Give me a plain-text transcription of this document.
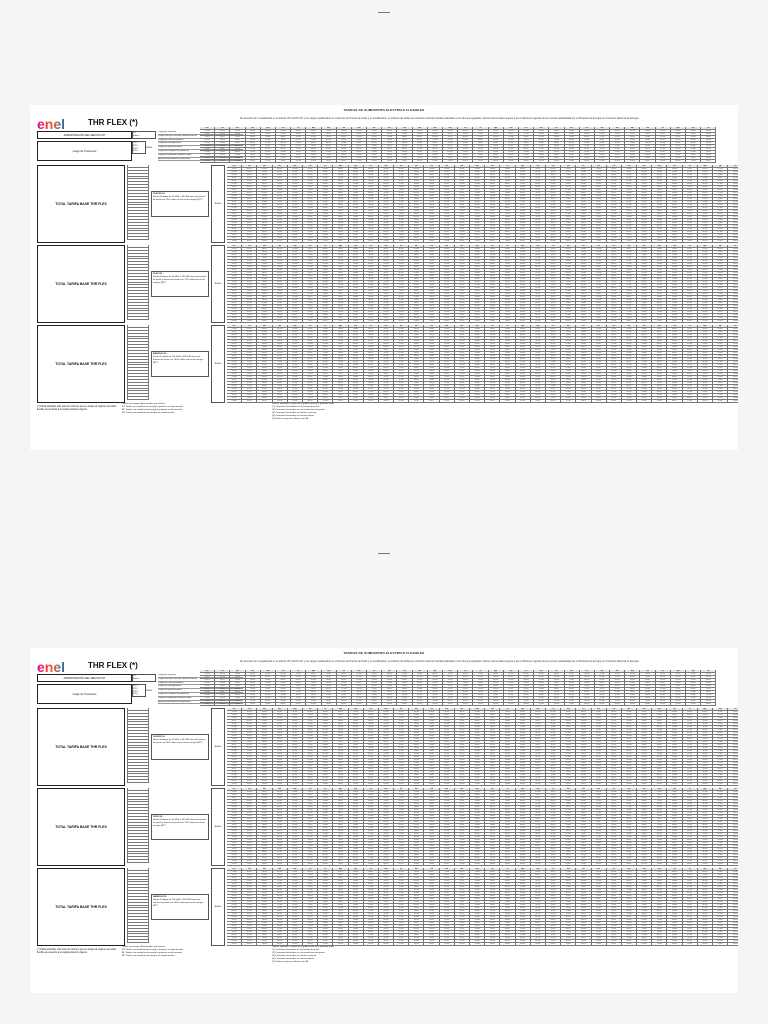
TARIFAS DE SUMINISTRO ELECTRICO FLEXIBLES
De acuerdo con lo establecido en el artículo 35° del DS 327 y los cargos establecidos en el Decreto de Precios de Nudo y su modificación, se publican las tarifas de suministro eléctrico flexibles aplicables a los clientes regulados. Valores referenciales sujetos a las condiciones vigentes de las normas establecidas por el Ministerio de Energía y la Comisión Nacional de Energía.
enel	THR FLEX (*)
ADMINISTRACIÓN DEL SERVICIO BT
BT
$/mes
Cargo de Transporte
BT-1
BT-2
BT-3
BT-4
$/kWh
Cargo fijo mensual
Cargo único por uso del sistema troncal
Cargo por servicio público
Cargo por energía base
Cargo por potencia base
Cargo por compras de potencia
Cargo por demanda máxima leída
Ajuste por periodo de facturación
Ene	Feb	Mar	Abr	May	Jun	Jul	Ago	Sep	Oct	Nov	Dic	Ene	Feb	Mar	Abr	May	Jun	Jul	Ago	Sep	Oct	Nov	Dic	Ene	Feb	Mar	Abr	May	Jun	Jul	Ago	Sep	Oct
12,345	45,678	23,456	34,567	56,789	67,890	78,901	89,012	12,345	45,678	23,456	34,567	56,789	67,890	78,901	89,012	12,345	45,678	23,456	34,567	56,789	67,890	78,901	89,012	12,345	45,678	23,456	34,567	56,789	67,890	78,901	89,012	12,345	45,678
34,567	56,789	67,890	78,901	89,012	12,345	45,678	23,456	34,567	56,789	67,890	78,901	89,012	12,345	45,678	23,456	34,567	56,789	67,890	78,901	89,012	12,345	45,678	23,456	34,567	56,789	67,890	78,901	89,012	12,345	45,678	23,456	34,567	56,789
78,901	89,012	12,345	45,678	23,456	34,567	56,789	67,890	78,901	89,012	12,345	45,678	23,456	34,567	56,789	67,890	78,901	89,012	12,345	45,678	23,456	34,567	56,789	67,890	78,901	89,012	12,345	45,678	23,456	34,567	56,789	67,890	78,901	89,012
45,678	23,456	34,567	56,789	67,890	78,901	89,012	12,345	45,678	23,456	34,567	56,789	67,890	78,901	89,012	12,345	45,678	23,456	34,567	56,789	67,890	78,901	89,012	12,345	45,678	23,456	34,567	56,789	67,890	78,901	89,012	12,345	45,678	23,456
56,789	67,890	78,901	89,012	12,345	45,678	23,456	34,567	56,789	67,890	78,901	89,012	12,345	45,678	23,456	34,567	56,789	67,890	78,901	89,012	12,345	45,678	23,456	34,567	56,789	67,890	78,901	89,012	12,345	45,678	23,456	34,567	56,789	67,890
89,012	12,345	45,678	23,456	34,567	56,789	67,890	78,901	89,012	12,345	45,678	23,456	34,567	56,789	67,890	78,901	89,012	12,345	45,678	23,456	34,567	56,789	67,890	78,901	89,012	12,345	45,678	23,456	34,567	56,789	67,890	78,901	89,012	12,345
23,456	34,567	56,789	67,890	78,901	89,012	12,345	45,678	23,456	34,567	56,789	67,890	78,901	89,012	12,345	45,678	23,456	34,567	56,789	67,890	78,901	89,012	12,345	45,678	23,456	34,567	56,789	67,890	78,901	89,012	12,345	45,678	23,456	34,567
67,890	78,901	89,012	12,345	45,678	23,456	34,567	56,789	67,890	78,901	89,012	12,345	45,678	23,456	34,567	56,789	67,890	78,901	89,012	12,345	45,678	23,456	34,567	56,789	67,890	78,901	89,012	12,345	45,678	23,456	34,567	56,789	67,890	78,901
12,345	45,678	23,456	34,567	56,789	67,890	78,901	89,012	12,345	45,678	23,456	34,567	56,789	67,890	78,901	89,012	12,345	45,678	23,456	34,567	56,789	67,890	78,901	89,012	12,345	45,678	23,456	34,567	56,789	67,890	78,901	89,012	12,345	45,678
34,567	56,789	67,890	78,901	89,012	12,345	45,678	23,456	34,567	56,789	67,890	78,901	89,012	12,345	45,678	23,456	34,567	56,789	67,890	78,901	89,012	12,345	45,678	23,456	34,567	56,789	67,890	78,901	89,012	12,345	45,678	23,456	34,567	56,789
78,901	89,012	12,345	45,678	23,456	34,567	56,789	67,890	78,901	89,012	12,345	45,678	23,456	34,567	56,789	67,890	78,901	89,012	12,345	45,678	23,456	34,567	56,789	67,890	78,901	89,012	12,345	45,678	23,456	34,567	56,789	67,890	78,901	89,012
TOTAL TARIFA BASE THR FLEX
HP-01
HP-02
HP-03
HP-04
HP-05
HP-06
HP-07
HP-08
HP-09
HP-10
HP-11
HP-12
HP-13
HP-14
HP-15
HP-16
HP-17
HP-18
HP-19
HP-20
HP-21
HP-22
HP-23
HP-24
HP-25
HP-26
FLEX30 0%
Hasta el bloque de 30 kWh o 50 kWh fuera de horario de punta con 30% sobre el precio de energía (BT*)
$/kWh
Ene	Feb	Mar	Abr	May	Jun	Jul	Ago	Sep	Oct	Nov	Dic	Ene	Feb	Mar	Abr	May	Jun	Jul	Ago	Sep	Oct	Nov	Dic	Ene	Feb	Mar	Abr	May	Jun	Jul	Ago	Sep	Oct
12,345	45,678	23,456	34,567	56,789	67,890	78,901	89,012	12,345	45,678	23,456	34,567	56,789	67,890	78,901	89,012	12,345	45,678	23,456	34,567	56,789	67,890	78,901	89,012	12,345	45,678	23,456	34,567	56,789	67,890	78,901	89,012	12,345	45,678
45,678	23,456	34,567	56,789	67,890	78,901	89,012	12,345	45,678	23,456	34,567	56,789	67,890	78,901	89,012	12,345	45,678	23,456	34,567	56,789	67,890	78,901	89,012	12,345	45,678	23,456	34,567	56,789	67,890	78,901	89,012	12,345	45,678	23,456
23,456	34,567	56,789	67,890	78,901	89,012	12,345	45,678	23,456	34,567	56,789	67,890	78,901	89,012	12,345	45,678	23,456	34,567	56,789	67,890	78,901	89,012	12,345	45,678	23,456	34,567	56,789	67,890	78,901	89,012	12,345	45,678	23,456	34,567
34,567	56,789	67,890	78,901	89,012	12,345	45,678	23,456	34,567	56,789	67,890	78,901	89,012	12,345	45,678	23,456	34,567	56,789	67,890	78,901	89,012	12,345	45,678	23,456	34,567	56,789	67,890	78,901	89,012	12,345	45,678	23,456	34,567	56,789
56,789	67,890	78,901	89,012	12,345	45,678	23,456	34,567	56,789	67,890	78,901	89,012	12,345	45,678	23,456	34,567	56,789	67,890	78,901	89,012	12,345	45,678	23,456	34,567	56,789	67,890	78,901	89,012	12,345	45,678	23,456	34,567	56,789	67,890
67,890	78,901	89,012	12,345	45,678	23,456	34,567	56,789	67,890	78,901	89,012	12,345	45,678	23,456	34,567	56,789	67,890	78,901	89,012	12,345	45,678	23,456	34,567	56,789	67,890	78,901	89,012	12,345	45,678	23,456	34,567	56,789	67,890	78,901
78,901	89,012	12,345	45,678	23,456	34,567	56,789	67,890	78,901	89,012	12,345	45,678	23,456	34,567	56,789	67,890	78,901	89,012	12,345	45,678	23,456	34,567	56,789	67,890	78,901	89,012	12,345	45,678	23,456	34,567	56,789	67,890	78,901	89,012
89,012	12,345	45,678	23,456	34,567	56,789	67,890	78,901	89,012	12,345	45,678	23,456	34,567	56,789	67,890	78,901	89,012	12,345	45,678	23,456	34,567	56,789	67,890	78,901	89,012	12,345	45,678	23,456	34,567	56,789	67,890	78,901	89,012	12,345
12,345	45,678	23,456	34,567	56,789	67,890	78,901	89,012	12,345	45,678	23,456	34,567	56,789	67,890	78,901	89,012	12,345	45,678	23,456	34,567	56,789	67,890	78,901	89,012	12,345	45,678	23,456	34,567	56,789	67,890	78,901	89,012	12,345	45,678
45,678	23,456	34,567	56,789	67,890	78,901	89,012	12,345	45,678	23,456	34,567	56,789	67,890	78,901	89,012	12,345	45,678	23,456	34,567	56,789	67,890	78,901	89,012	12,345	45,678	23,456	34,567	56,789	67,890	78,901	89,012	12,345	45,678	23,456
23,456	34,567	56,789	67,890	78,901	89,012	12,345	45,678	23,456	34,567	56,789	67,890	78,901	89,012	12,345	45,678	23,456	34,567	56,789	67,890	78,901	89,012	12,345	45,678	23,456	34,567	56,789	67,890	78,901	89,012	12,345	45,678	23,456	34,567
34,567	56,789	67,890	78,901	89,012	12,345	45,678	23,456	34,567	56,789	67,890	78,901	89,012	12,345	45,678	23,456	34,567	56,789	67,890	78,901	89,012	12,345	45,678	23,456	34,567	56,789	67,890	78,901	89,012	12,345	45,678	23,456	34,567	56,789
56,789	67,890	78,901	89,012	12,345	45,678	23,456	34,567	56,789	67,890	78,901	89,012	12,345	45,678	23,456	34,567	56,789	67,890	78,901	89,012	12,345	45,678	23,456	34,567	56,789	67,890	78,901	89,012	12,345	45,678	23,456	34,567	56,789	67,890
67,890	78,901	89,012	12,345	45,678	23,456	34,567	56,789	67,890	78,901	89,012	12,345	45,678	23,456	34,567	56,789	67,890	78,901	89,012	12,345	45,678	23,456	34,567	56,789	67,890	78,901	89,012	12,345	45,678	23,456	34,567	56,789	67,890	78,901
78,901	89,012	12,345	45,678	23,456	34,567	56,789	67,890	78,901	89,012	12,345	45,678	23,456	34,567	56,789	67,890	78,901	89,012	12,345	45,678	23,456	34,567	56,789	67,890	78,901	89,012	12,345	45,678	23,456	34,567	56,789	67,890	78,901	89,012
89,012	12,345	45,678	23,456	34,567	56,789	67,890	78,901	89,012	12,345	45,678	23,456	34,567	56,789	67,890	78,901	89,012	12,345	45,678	23,456	34,567	56,789	67,890	78,901	89,012	12,345	45,678	23,456	34,567	56,789	67,890	78,901	89,012	12,345
12,345	45,678	23,456	34,567	56,789	67,890	78,901	89,012	12,345	45,678	23,456	34,567	56,789	67,890	78,901	89,012	12,345	45,678	23,456	34,567	56,789	67,890	78,901	89,012	12,345	45,678	23,456	34,567	56,789	67,890	78,901	89,012	12,345	45,678
45,678	23,456	34,567	56,789	67,890	78,901	89,012	12,345	45,678	23,456	34,567	56,789	67,890	78,901	89,012	12,345	45,678	23,456	34,567	56,789	67,890	78,901	89,012	12,345	45,678	23,456	34,567	56,789	67,890	78,901	89,012	12,345	45,678	23,456
23,456	34,567	56,789	67,890	78,901	89,012	12,345	45,678	23,456	34,567	56,789	67,890	78,901	89,012	12,345	45,678	23,456	34,567	56,789	67,890	78,901	89,012	12,345	45,678	23,456	34,567	56,789	67,890	78,901	89,012	12,345	45,678	23,456	34,567
34,567	56,789	67,890	78,901	89,012	12,345	45,678	23,456	34,567	56,789	67,890	78,901	89,012	12,345	45,678	23,456	34,567	56,789	67,890	78,901	89,012	12,345	45,678	23,456	34,567	56,789	67,890	78,901	89,012	12,345	45,678	23,456	34,567	56,789
56,789	67,890	78,901	89,012	12,345	45,678	23,456	34,567	56,789	67,890	78,901	89,012	12,345	45,678	23,456	34,567	56,789	67,890	78,901	89,012	12,345	45,678	23,456	34,567	56,789	67,890	78,901	89,012	12,345	45,678	23,456	34,567	56,789	67,890
67,890	78,901	89,012	12,345	45,678	23,456	34,567	56,789	67,890	78,901	89,012	12,345	45,678	23,456	34,567	56,789	67,890	78,901	89,012	12,345	45,678	23,456	34,567	56,789	67,890	78,901	89,012	12,345	45,678	23,456	34,567	56,789	67,890	78,901
78,901	89,012	12,345	45,678	23,456	34,567	56,789	67,890	78,901	89,012	12,345	45,678	23,456	34,567	56,789	67,890	78,901	89,012	12,345	45,678	23,456	34,567	56,789	67,890	78,901	89,012	12,345	45,678	23,456	34,567	56,789	67,890	78,901	89,012
89,012	12,345	45,678	23,456	34,567	56,789	67,890	78,901	89,012	12,345	45,678	23,456	34,567	56,789	67,890	78,901	89,012	12,345	45,678	23,456	34,567	56,789	67,890	78,901	89,012	12,345	45,678	23,456	34,567	56,789	67,890	78,901	89,012	12,345
12,345	45,678	23,456	34,567	56,789	67,890	78,901	89,012	12,345	45,678	23,456	34,567	56,789	67,890	78,901	89,012	12,345	45,678	23,456	34,567	56,789	67,890	78,901	89,012	12,345	45,678	23,456	34,567	56,789	67,890	78,901	89,012	12,345	45,678
TOTAL TARIFA BASE THR FLEX
HP-01
HP-02
HP-03
HP-04
HP-05
HP-06
HP-07
HP-08
HP-09
HP-10
HP-11
HP-12
HP-13
HP-14
HP-15
HP-16
HP-17
HP-18
HP-19
HP-20
HP-21
HP-22
HP-23
HP-24
HP-25
HP-26
FLEX 0%
Hasta el bloque de 50 kWh o 100 kWh fuera de horario de punta y horario de punta con 70% sobre precio de energía (BT*)	$/kWh
Ene	Feb	Mar	Abr	May	Jun	Jul	Ago	Sep	Oct	Nov	Dic	Ene	Feb	Mar	Abr	May	Jun	Jul	Ago	Sep	Oct	Nov	Dic	Ene	Feb	Mar	Abr	May	Jun	Jul	Ago	Sep	Oct
45,678	23,456	34,567	56,789	67,890	78,901	89,012	12,345	45,678	23,456	34,567	56,789	67,890	78,901	89,012	12,345	45,678	23,456	34,567	56,789	67,890	78,901	89,012	12,345	45,678	23,456	34,567	56,789	67,890	78,901	89,012	12,345	45,678	23,456
23,456	34,567	56,789	67,890	78,901	89,012	12,345	45,678	23,456	34,567	56,789	67,890	78,901	89,012	12,345	45,678	23,456	34,567	56,789	67,890	78,901	89,012	12,345	45,678	23,456	34,567	56,789	67,890	78,901	89,012	12,345	45,678	23,456	34,567
34,567	56,789	67,890	78,901	89,012	12,345	45,678	23,456	34,567	56,789	67,890	78,901	89,012	12,345	45,678	23,456	34,567	56,789	67,890	78,901	89,012	12,345	45,678	23,456	34,567	56,789	67,890	78,901	89,012	12,345	45,678	23,456	34,567	56,789
56,789	67,890	78,901	89,012	12,345	45,678	23,456	34,567	56,789	67,890	78,901	89,012	12,345	45,678	23,456	34,567	56,789	67,890	78,901	89,012	12,345	45,678	23,456	34,567	56,789	67,890	78,901	89,012	12,345	45,678	23,456	34,567	56,789	67,890
67,890	78,901	89,012	12,345	45,678	23,456	34,567	56,789	67,890	78,901	89,012	12,345	45,678	23,456	34,567	56,789	67,890	78,901	89,012	12,345	45,678	23,456	34,567	56,789	67,890	78,901	89,012	12,345	45,678	23,456	34,567	56,789	67,890	78,901
78,901	89,012	12,345	45,678	23,456	34,567	56,789	67,890	78,901	89,012	12,345	45,678	23,456	34,567	56,789	67,890	78,901	89,012	12,345	45,678	23,456	34,567	56,789	67,890	78,901	89,012	12,345	45,678	23,456	34,567	56,789	67,890	78,901	89,012
89,012	12,345	45,678	23,456	34,567	56,789	67,890	78,901	89,012	12,345	45,678	23,456	34,567	56,789	67,890	78,901	89,012	12,345	45,678	23,456	34,567	56,789	67,890	78,901	89,012	12,345	45,678	23,456	34,567	56,789	67,890	78,901	89,012	12,345
12,345	45,678	23,456	34,567	56,789	67,890	78,901	89,012	12,345	45,678	23,456	34,567	56,789	67,890	78,901	89,012	12,345	45,678	23,456	34,567	56,789	67,890	78,901	89,012	12,345	45,678	23,456	34,567	56,789	67,890	78,901	89,012	12,345	45,678
45,678	23,456	34,567	56,789	67,890	78,901	89,012	12,345	45,678	23,456	34,567	56,789	67,890	78,901	89,012	12,345	45,678	23,456	34,567	56,789	67,890	78,901	89,012	12,345	45,678	23,456	34,567	56,789	67,890	78,901	89,012	12,345	45,678	23,456
23,456	34,567	56,789	67,890	78,901	89,012	12,345	45,678	23,456	34,567	56,789	67,890	78,901	89,012	12,345	45,678	23,456	34,567	56,789	67,890	78,901	89,012	12,345	45,678	23,456	34,567	56,789	67,890	78,901	89,012	12,345	45,678	23,456	34,567
34,567	56,789	67,890	78,901	89,012	12,345	45,678	23,456	34,567	56,789	67,890	78,901	89,012	12,345	45,678	23,456	34,567	56,789	67,890	78,901	89,012	12,345	45,678	23,456	34,567	56,789	67,890	78,901	89,012	12,345	45,678	23,456	34,567	56,789
56,789	67,890	78,901	89,012	12,345	45,678	23,456	34,567	56,789	67,890	78,901	89,012	12,345	45,678	23,456	34,567	56,789	67,890	78,901	89,012	12,345	45,678	23,456	34,567	56,789	67,890	78,901	89,012	12,345	45,678	23,456	34,567	56,789	67,890
67,890	78,901	89,012	12,345	45,678	23,456	34,567	56,789	67,890	78,901	89,012	12,345	45,678	23,456	34,567	56,789	67,890	78,901	89,012	12,345	45,678	23,456	34,567	56,789	67,890	78,901	89,012	12,345	45,678	23,456	34,567	56,789	67,890	78,901
78,901	89,012	12,345	45,678	23,456	34,567	56,789	67,890	78,901	89,012	12,345	45,678	23,456	34,567	56,789	67,890	78,901	89,012	12,345	45,678	23,456	34,567	56,789	67,890	78,901	89,012	12,345	45,678	23,456	34,567	56,789	67,890	78,901	89,012
89,012	12,345	45,678	23,456	34,567	56,789	67,890	78,901	89,012	12,345	45,678	23,456	34,567	56,789	67,890	78,901	89,012	12,345	45,678	23,456	34,567	56,789	67,890	78,901	89,012	12,345	45,678	23,456	34,567	56,789	67,890	78,901	89,012	12,345
12,345	45,678	23,456	34,567	56,789	67,890	78,901	89,012	12,345	45,678	23,456	34,567	56,789	67,890	78,901	89,012	12,345	45,678	23,456	34,567	56,789	67,890	78,901	89,012	12,345	45,678	23,456	34,567	56,789	67,890	78,901	89,012	12,345	45,678
45,678	23,456	34,567	56,789	67,890	78,901	89,012	12,345	45,678	23,456	34,567	56,789	67,890	78,901	89,012	12,345	45,678	23,456	34,567	56,789	67,890	78,901	89,012	12,345	45,678	23,456	34,567	56,789	67,890	78,901	89,012	12,345	45,678	23,456
23,456	34,567	56,789	67,890	78,901	89,012	12,345	45,678	23,456	34,567	56,789	67,890	78,901	89,012	12,345	45,678	23,456	34,567	56,789	67,890	78,901	89,012	12,345	45,678	23,456	34,567	56,789	67,890	78,901	89,012	12,345	45,678	23,456	34,567
34,567	56,789	67,890	78,901	89,012	12,345	45,678	23,456	34,567	56,789	67,890	78,901	89,012	12,345	45,678	23,456	34,567	56,789	67,890	78,901	89,012	12,345	45,678	23,456	34,567	56,789	67,890	78,901	89,012	12,345	45,678	23,456	34,567	56,789
56,789	67,890	78,901	89,012	12,345	45,678	23,456	34,567	56,789	67,890	78,901	89,012	12,345	45,678	23,456	34,567	56,789	67,890	78,901	89,012	12,345	45,678	23,456	34,567	56,789	67,890	78,901	89,012	12,345	45,678	23,456	34,567	56,789	67,890
67,890	78,901	89,012	12,345	45,678	23,456	34,567	56,789	67,890	78,901	89,012	12,345	45,678	23,456	34,567	56,789	67,890	78,901	89,012	12,345	45,678	23,456	34,567	56,789	67,890	78,901	89,012	12,345	45,678	23,456	34,567	56,789	67,890	78,901
78,901	89,012	12,345	45,678	23,456	34,567	56,789	67,890	78,901	89,012	12,345	45,678	23,456	34,567	56,789	67,890	78,901	89,012	12,345	45,678	23,456	34,567	56,789	67,890	78,901	89,012	12,345	45,678	23,456	34,567	56,789	67,890	78,901	89,012
89,012	12,345	45,678	23,456	34,567	56,789	67,890	78,901	89,012	12,345	45,678	23,456	34,567	56,789	67,890	78,901	89,012	12,345	45,678	23,456	34,567	56,789	67,890	78,901	89,012	12,345	45,678	23,456	34,567	56,789	67,890	78,901	89,012	12,345
12,345	45,678	23,456	34,567	56,789	67,890	78,901	89,012	12,345	45,678	23,456	34,567	56,789	67,890	78,901	89,012	12,345	45,678	23,456	34,567	56,789	67,890	78,901	89,012	12,345	45,678	23,456	34,567	56,789	67,890	78,901	89,012	12,345	45,678
45,678	23,456	34,567	56,789	67,890	78,901	89,012	12,345	45,678	23,456	34,567	56,789	67,890	78,901	89,012	12,345	45,678	23,456	34,567	56,789	67,890	78,901	89,012	12,345	45,678	23,456	34,567	56,789	67,890	78,901	89,012	12,345	45,678	23,456
TOTAL TARIFA BASE THR FLEX
HP-01
HP-02
HP-03
HP-04
HP-05
HP-06
HP-07
HP-08
HP-09
HP-10
HP-11
HP-12
HP-13
HP-14
HP-15
HP-16
HP-17
HP-18
HP-19
HP-20
HP-21
HP-22
HP-23
HP-24
HP-25
HP-26
BASE100 0%
Hasta el bloque de 100 kWh o 200 kWh fuera de horario de punta con 100% sobre precio de energía (BT*)	$/kWh
Ene	Feb	Mar	Abr	May	Jun	Jul	Ago	Sep	Oct	Nov	Dic	Ene	Feb	Mar	Abr	May	Jun	Jul	Ago	Sep	Oct	Nov	Dic	Ene	Feb	Mar	Abr	May	Jun	Jul	Ago	Sep	Oct
23,456	34,567	56,789	67,890	78,901	89,012	12,345	45,678	23,456	34,567	56,789	67,890	78,901	89,012	12,345	45,678	23,456	34,567	56,789	67,890	78,901	89,012	12,345	45,678	23,456	34,567	56,789	67,890	78,901	89,012	12,345	45,678	23,456	34,567
34,567	56,789	67,890	78,901	89,012	12,345	45,678	23,456	34,567	56,789	67,890	78,901	89,012	12,345	45,678	23,456	34,567	56,789	67,890	78,901	89,012	12,345	45,678	23,456	34,567	56,789	67,890	78,901	89,012	12,345	45,678	23,456	34,567	56,789
56,789	67,890	78,901	89,012	12,345	45,678	23,456	34,567	56,789	67,890	78,901	89,012	12,345	45,678	23,456	34,567	56,789	67,890	78,901	89,012	12,345	45,678	23,456	34,567	56,789	67,890	78,901	89,012	12,345	45,678	23,456	34,567	56,789	67,890
67,890	78,901	89,012	12,345	45,678	23,456	34,567	56,789	67,890	78,901	89,012	12,345	45,678	23,456	34,567	56,789	67,890	78,901	89,012	12,345	45,678	23,456	34,567	56,789	67,890	78,901	89,012	12,345	45,678	23,456	34,567	56,789	67,890	78,901
78,901	89,012	12,345	45,678	23,456	34,567	56,789	67,890	78,901	89,012	12,345	45,678	23,456	34,567	56,789	67,890	78,901	89,012	12,345	45,678	23,456	34,567	56,789	67,890	78,901	89,012	12,345	45,678	23,456	34,567	56,789	67,890	78,901	89,012
89,012	12,345	45,678	23,456	34,567	56,789	67,890	78,901	89,012	12,345	45,678	23,456	34,567	56,789	67,890	78,901	89,012	12,345	45,678	23,456	34,567	56,789	67,890	78,901	89,012	12,345	45,678	23,456	34,567	56,789	67,890	78,901	89,012	12,345
12,345	45,678	23,456	34,567	56,789	67,890	78,901	89,012	12,345	45,678	23,456	34,567	56,789	67,890	78,901	89,012	12,345	45,678	23,456	34,567	56,789	67,890	78,901	89,012	12,345	45,678	23,456	34,567	56,789	67,890	78,901	89,012	12,345	45,678
45,678	23,456	34,567	56,789	67,890	78,901	89,012	12,345	45,678	23,456	34,567	56,789	67,890	78,901	89,012	12,345	45,678	23,456	34,567	56,789	67,890	78,901	89,012	12,345	45,678	23,456	34,567	56,789	67,890	78,901	89,012	12,345	45,678	23,456
23,456	34,567	56,789	67,890	78,901	89,012	12,345	45,678	23,456	34,567	56,789	67,890	78,901	89,012	12,345	45,678	23,456	34,567	56,789	67,890	78,901	89,012	12,345	45,678	23,456	34,567	56,789	67,890	78,901	89,012	12,345	45,678	23,456	34,567
34,567	56,789	67,890	78,901	89,012	12,345	45,678	23,456	34,567	56,789	67,890	78,901	89,012	12,345	45,678	23,456	34,567	56,789	67,890	78,901	89,012	12,345	45,678	23,456	34,567	56,789	67,890	78,901	89,012	12,345	45,678	23,456	34,567	56,789
56,789	67,890	78,901	89,012	12,345	45,678	23,456	34,567	56,789	67,890	78,901	89,012	12,345	45,678	23,456	34,567	56,789	67,890	78,901	89,012	12,345	45,678	23,456	34,567	56,789	67,890	78,901	89,012	12,345	45,678	23,456	34,567	56,789	67,890
67,890	78,901	89,012	12,345	45,678	23,456	34,567	56,789	67,890	78,901	89,012	12,345	45,678	23,456	34,567	56,789	67,890	78,901	89,012	12,345	45,678	23,456	34,567	56,789	67,890	78,901	89,012	12,345	45,678	23,456	34,567	56,789	67,890	78,901
78,901	89,012	12,345	45,678	23,456	34,567	56,789	67,890	78,901	89,012	12,345	45,678	23,456	34,567	56,789	67,890	78,901	89,012	12,345	45,678	23,456	34,567	56,789	67,890	78,901	89,012	12,345	45,678	23,456	34,567	56,789	67,890	78,901	89,012
89,012	12,345	45,678	23,456	34,567	56,789	67,890	78,901	89,012	12,345	45,678	23,456	34,567	56,789	67,890	78,901	89,012	12,345	45,678	23,456	34,567	56,789	67,890	78,901	89,012	12,345	45,678	23,456	34,567	56,789	67,890	78,901	89,012	12,345
12,345	45,678	23,456	34,567	56,789	67,890	78,901	89,012	12,345	45,678	23,456	34,567	56,789	67,890	78,901	89,012	12,345	45,678	23,456	34,567	56,789	67,890	78,901	89,012	12,345	45,678	23,456	34,567	56,789	67,890	78,901	89,012	12,345	45,678
45,678	23,456	34,567	56,789	67,890	78,901	89,012	12,345	45,678	23,456	34,567	56,789	67,890	78,901	89,012	12,345	45,678	23,456	34,567	56,789	67,890	78,901	89,012	12,345	45,678	23,456	34,567	56,789	67,890	78,901	89,012	12,345	45,678	23,456
23,456	34,567	56,789	67,890	78,901	89,012	12,345	45,678	23,456	34,567	56,789	67,890	78,901	89,012	12,345	45,678	23,456	34,567	56,789	67,890	78,901	89,012	12,345	45,678	23,456	34,567	56,789	67,890	78,901	89,012	12,345	45,678	23,456	34,567
34,567	56,789	67,890	78,901	89,012	12,345	45,678	23,456	34,567	56,789	67,890	78,901	89,012	12,345	45,678	23,456	34,567	56,789	67,890	78,901	89,012	12,345	45,678	23,456	34,567	56,789	67,890	78,901	89,012	12,345	45,678	23,456	34,567	56,789
56,789	67,890	78,901	89,012	12,345	45,678	23,456	34,567	56,789	67,890	78,901	89,012	12,345	45,678	23,456	34,567	56,789	67,890	78,901	89,012	12,345	45,678	23,456	34,567	56,789	67,890	78,901	89,012	12,345	45,678	23,456	34,567	56,789	67,890
67,890	78,901	89,012	12,345	45,678	23,456	34,567	56,789	67,890	78,901	89,012	12,345	45,678	23,456	34,567	56,789	67,890	78,901	89,012	12,345	45,678	23,456	34,567	56,789	67,890	78,901	89,012	12,345	45,678	23,456	34,567	56,789	67,890	78,901
78,901	89,012	12,345	45,678	23,456	34,567	56,789	67,890	78,901	89,012	12,345	45,678	23,456	34,567	56,789	67,890	78,901	89,012	12,345	45,678	23,456	34,567	56,789	67,890	78,901	89,012	12,345	45,678	23,456	34,567	56,789	67,890	78,901	89,012
89,012	12,345	45,678	23,456	34,567	56,789	67,890	78,901	89,012	12,345	45,678	23,456	34,567	56,789	67,890	78,901	89,012	12,345	45,678	23,456	34,567	56,789	67,890	78,901	89,012	12,345	45,678	23,456	34,567	56,789	67,890	78,901	89,012	12,345
12,345	45,678	23,456	34,567	56,789	67,890	78,901	89,012	12,345	45,678	23,456	34,567	56,789	67,890	78,901	89,012	12,345	45,678	23,456	34,567	56,789	67,890	78,901	89,012	12,345	45,678	23,456	34,567	56,789	67,890	78,901	89,012	12,345	45,678
45,678	23,456	34,567	56,789	67,890	78,901	89,012	12,345	45,678	23,456	34,567	56,789	67,890	78,901	89,012	12,345	45,678	23,456	34,567	56,789	67,890	78,901	89,012	12,345	45,678	23,456	34,567	56,789	67,890	78,901	89,012	12,345	45,678	23,456
23,456	34,567	56,789	67,890	78,901	89,012	12,345	45,678	23,456	34,567	56,789	67,890	78,901	89,012	12,345	45,678	23,456	34,567	56,789	67,890	78,901	89,012	12,345	45,678	23,456	34,567	56,789	67,890	78,901	89,012	12,345	45,678	23,456	34,567
(*) Tarifa aplicable sólo para los clientes que se acojan al régimen de tarifa flexible de acuerdo a la reglamentación vigente.
Tarifas con cargos diferenciados por horario.
BT: Tarifas con medición de energía y potencia en baja tensión.
AT: Tarifas con medición de energía y potencia en alta tensión.
MT: Tarifas con medición de energía en media tensión.
Valores aplicables a partir de la publicación de la presente tarifa.
(1) Consumos facturados en el periodo de punta.
(2) Consumos facturados en el periodo fuera de punta.
(3) Consumos facturados en horario nocturno.
(4) Consumos facturados en horario diurno.
(5) Valores en pesos chilenos sin IVA.
TARIFAS DE SUMINISTRO ELECTRICO FLEXIBLES
De acuerdo con lo establecido en el artículo 35° del DS 327 y los cargos establecidos en el Decreto de Precios de Nudo y su modificación, se publican las tarifas de suministro eléctrico flexibles aplicables a los clientes regulados. Valores referenciales sujetos a las condiciones vigentes de las normas establecidas por el Ministerio de Energía y la Comisión Nacional de Energía.
enel	THR FLEX (*)
ADMINISTRACIÓN DEL SERVICIO BT
BT
$/mes
Cargo de Transporte
BT-1
BT-2
BT-3
BT-4
$/kWh
Cargo fijo mensual
Cargo único por uso del sistema troncal
Cargo por servicio público
Cargo por energía base
Cargo por potencia base
Cargo por compras de potencia
Cargo por demanda máxima leída
Ajuste por periodo de facturación
Ene	Feb	Mar	Abr	May	Jun	Jul	Ago	Sep	Oct	Nov	Dic	Ene	Feb	Mar	Abr	May	Jun	Jul	Ago	Sep	Oct	Nov	Dic	Ene	Feb	Mar	Abr	May	Jun	Jul	Ago	Sep	Oct
12,345	45,678	23,456	34,567	56,789	67,890	78,901	89,012	12,345	45,678	23,456	34,567	56,789	67,890	78,901	89,012	12,345	45,678	23,456	34,567	56,789	67,890	78,901	89,012	12,345	45,678	23,456	34,567	56,789	67,890	78,901	89,012	12,345	45,678
34,567	56,789	67,890	78,901	89,012	12,345	45,678	23,456	34,567	56,789	67,890	78,901	89,012	12,345	45,678	23,456	34,567	56,789	67,890	78,901	89,012	12,345	45,678	23,456	34,567	56,789	67,890	78,901	89,012	12,345	45,678	23,456	34,567	56,789
78,901	89,012	12,345	45,678	23,456	34,567	56,789	67,890	78,901	89,012	12,345	45,678	23,456	34,567	56,789	67,890	78,901	89,012	12,345	45,678	23,456	34,567	56,789	67,890	78,901	89,012	12,345	45,678	23,456	34,567	56,789	67,890	78,901	89,012
45,678	23,456	34,567	56,789	67,890	78,901	89,012	12,345	45,678	23,456	34,567	56,789	67,890	78,901	89,012	12,345	45,678	23,456	34,567	56,789	67,890	78,901	89,012	12,345	45,678	23,456	34,567	56,789	67,890	78,901	89,012	12,345	45,678	23,456
56,789	67,890	78,901	89,012	12,345	45,678	23,456	34,567	56,789	67,890	78,901	89,012	12,345	45,678	23,456	34,567	56,789	67,890	78,901	89,012	12,345	45,678	23,456	34,567	56,789	67,890	78,901	89,012	12,345	45,678	23,456	34,567	56,789	67,890
89,012	12,345	45,678	23,456	34,567	56,789	67,890	78,901	89,012	12,345	45,678	23,456	34,567	56,789	67,890	78,901	89,012	12,345	45,678	23,456	34,567	56,789	67,890	78,901	89,012	12,345	45,678	23,456	34,567	56,789	67,890	78,901	89,012	12,345
23,456	34,567	56,789	67,890	78,901	89,012	12,345	45,678	23,456	34,567	56,789	67,890	78,901	89,012	12,345	45,678	23,456	34,567	56,789	67,890	78,901	89,012	12,345	45,678	23,456	34,567	56,789	67,890	78,901	89,012	12,345	45,678	23,456	34,567
67,890	78,901	89,012	12,345	45,678	23,456	34,567	56,789	67,890	78,901	89,012	12,345	45,678	23,456	34,567	56,789	67,890	78,901	89,012	12,345	45,678	23,456	34,567	56,789	67,890	78,901	89,012	12,345	45,678	23,456	34,567	56,789	67,890	78,901
12,345	45,678	23,456	34,567	56,789	67,890	78,901	89,012	12,345	45,678	23,456	34,567	56,789	67,890	78,901	89,012	12,345	45,678	23,456	34,567	56,789	67,890	78,901	89,012	12,345	45,678	23,456	34,567	56,789	67,890	78,901	89,012	12,345	45,678
34,567	56,789	67,890	78,901	89,012	12,345	45,678	23,456	34,567	56,789	67,890	78,901	89,012	12,345	45,678	23,456	34,567	56,789	67,890	78,901	89,012	12,345	45,678	23,456	34,567	56,789	67,890	78,901	89,012	12,345	45,678	23,456	34,567	56,789
78,901	89,012	12,345	45,678	23,456	34,567	56,789	67,890	78,901	89,012	12,345	45,678	23,456	34,567	56,789	67,890	78,901	89,012	12,345	45,678	23,456	34,567	56,789	67,890	78,901	89,012	12,345	45,678	23,456	34,567	56,789	67,890	78,901	89,012
TOTAL TARIFA BASE THR FLEX
HP-01
HP-02
HP-03
HP-04
HP-05
HP-06
HP-07
HP-08
HP-09
HP-10
HP-11
HP-12
HP-13
HP-14
HP-15
HP-16
HP-17
HP-18
HP-19
HP-20
HP-21
HP-22
HP-23
HP-24
HP-25
HP-26
FLEX30 0%
Hasta el bloque de 30 kWh o 50 kWh fuera de horario de punta con 30% sobre el precio de energía (BT*)
$/kWh
Ene	Feb	Mar	Abr	May	Jun	Jul	Ago	Sep	Oct	Nov	Dic	Ene	Feb	Mar	Abr	May	Jun	Jul	Ago	Sep	Oct	Nov	Dic	Ene	Feb	Mar	Abr	May	Jun	Jul	Ago	Sep	Oct
12,345	45,678	23,456	34,567	56,789	67,890	78,901	89,012	12,345	45,678	23,456	34,567	56,789	67,890	78,901	89,012	12,345	45,678	23,456	34,567	56,789	67,890	78,901	89,012	12,345	45,678	23,456	34,567	56,789	67,890	78,901	89,012	12,345	45,678
45,678	23,456	34,567	56,789	67,890	78,901	89,012	12,345	45,678	23,456	34,567	56,789	67,890	78,901	89,012	12,345	45,678	23,456	34,567	56,789	67,890	78,901	89,012	12,345	45,678	23,456	34,567	56,789	67,890	78,901	89,012	12,345	45,678	23,456
23,456	34,567	56,789	67,890	78,901	89,012	12,345	45,678	23,456	34,567	56,789	67,890	78,901	89,012	12,345	45,678	23,456	34,567	56,789	67,890	78,901	89,012	12,345	45,678	23,456	34,567	56,789	67,890	78,901	89,012	12,345	45,678	23,456	34,567
34,567	56,789	67,890	78,901	89,012	12,345	45,678	23,456	34,567	56,789	67,890	78,901	89,012	12,345	45,678	23,456	34,567	56,789	67,890	78,901	89,012	12,345	45,678	23,456	34,567	56,789	67,890	78,901	89,012	12,345	45,678	23,456	34,567	56,789
56,789	67,890	78,901	89,012	12,345	45,678	23,456	34,567	56,789	67,890	78,901	89,012	12,345	45,678	23,456	34,567	56,789	67,890	78,901	89,012	12,345	45,678	23,456	34,567	56,789	67,890	78,901	89,012	12,345	45,678	23,456	34,567	56,789	67,890
67,890	78,901	89,012	12,345	45,678	23,456	34,567	56,789	67,890	78,901	89,012	12,345	45,678	23,456	34,567	56,789	67,890	78,901	89,012	12,345	45,678	23,456	34,567	56,789	67,890	78,901	89,012	12,345	45,678	23,456	34,567	56,789	67,890	78,901
78,901	89,012	12,345	45,678	23,456	34,567	56,789	67,890	78,901	89,012	12,345	45,678	23,456	34,567	56,789	67,890	78,901	89,012	12,345	45,678	23,456	34,567	56,789	67,890	78,901	89,012	12,345	45,678	23,456	34,567	56,789	67,890	78,901	89,012
89,012	12,345	45,678	23,456	34,567	56,789	67,890	78,901	89,012	12,345	45,678	23,456	34,567	56,789	67,890	78,901	89,012	12,345	45,678	23,456	34,567	56,789	67,890	78,901	89,012	12,345	45,678	23,456	34,567	56,789	67,890	78,901	89,012	12,345
12,345	45,678	23,456	34,567	56,789	67,890	78,901	89,012	12,345	45,678	23,456	34,567	56,789	67,890	78,901	89,012	12,345	45,678	23,456	34,567	56,789	67,890	78,901	89,012	12,345	45,678	23,456	34,567	56,789	67,890	78,901	89,012	12,345	45,678
45,678	23,456	34,567	56,789	67,890	78,901	89,012	12,345	45,678	23,456	34,567	56,789	67,890	78,901	89,012	12,345	45,678	23,456	34,567	56,789	67,890	78,901	89,012	12,345	45,678	23,456	34,567	56,789	67,890	78,901	89,012	12,345	45,678	23,456
23,456	34,567	56,789	67,890	78,901	89,012	12,345	45,678	23,456	34,567	56,789	67,890	78,901	89,012	12,345	45,678	23,456	34,567	56,789	67,890	78,901	89,012	12,345	45,678	23,456	34,567	56,789	67,890	78,901	89,012	12,345	45,678	23,456	34,567
34,567	56,789	67,890	78,901	89,012	12,345	45,678	23,456	34,567	56,789	67,890	78,901	89,012	12,345	45,678	23,456	34,567	56,789	67,890	78,901	89,012	12,345	45,678	23,456	34,567	56,789	67,890	78,901	89,012	12,345	45,678	23,456	34,567	56,789
56,789	67,890	78,901	89,012	12,345	45,678	23,456	34,567	56,789	67,890	78,901	89,012	12,345	45,678	23,456	34,567	56,789	67,890	78,901	89,012	12,345	45,678	23,456	34,567	56,789	67,890	78,901	89,012	12,345	45,678	23,456	34,567	56,789	67,890
67,890	78,901	89,012	12,345	45,678	23,456	34,567	56,789	67,890	78,901	89,012	12,345	45,678	23,456	34,567	56,789	67,890	78,901	89,012	12,345	45,678	23,456	34,567	56,789	67,890	78,901	89,012	12,345	45,678	23,456	34,567	56,789	67,890	78,901
78,901	89,012	12,345	45,678	23,456	34,567	56,789	67,890	78,901	89,012	12,345	45,678	23,456	34,567	56,789	67,890	78,901	89,012	12,345	45,678	23,456	34,567	56,789	67,890	78,901	89,012	12,345	45,678	23,456	34,567	56,789	67,890	78,901	89,012
89,012	12,345	45,678	23,456	34,567	56,789	67,890	78,901	89,012	12,345	45,678	23,456	34,567	56,789	67,890	78,901	89,012	12,345	45,678	23,456	34,567	56,789	67,890	78,901	89,012	12,345	45,678	23,456	34,567	56,789	67,890	78,901	89,012	12,345
12,345	45,678	23,456	34,567	56,789	67,890	78,901	89,012	12,345	45,678	23,456	34,567	56,789	67,890	78,901	89,012	12,345	45,678	23,456	34,567	56,789	67,890	78,901	89,012	12,345	45,678	23,456	34,567	56,789	67,890	78,901	89,012	12,345	45,678
45,678	23,456	34,567	56,789	67,890	78,901	89,012	12,345	45,678	23,456	34,567	56,789	67,890	78,901	89,012	12,345	45,678	23,456	34,567	56,789	67,890	78,901	89,012	12,345	45,678	23,456	34,567	56,789	67,890	78,901	89,012	12,345	45,678	23,456
23,456	34,567	56,789	67,890	78,901	89,012	12,345	45,678	23,456	34,567	56,789	67,890	78,901	89,012	12,345	45,678	23,456	34,567	56,789	67,890	78,901	89,012	12,345	45,678	23,456	34,567	56,789	67,890	78,901	89,012	12,345	45,678	23,456	34,567
34,567	56,789	67,890	78,901	89,012	12,345	45,678	23,456	34,567	56,789	67,890	78,901	89,012	12,345	45,678	23,456	34,567	56,789	67,890	78,901	89,012	12,345	45,678	23,456	34,567	56,789	67,890	78,901	89,012	12,345	45,678	23,456	34,567	56,789
56,789	67,890	78,901	89,012	12,345	45,678	23,456	34,567	56,789	67,890	78,901	89,012	12,345	45,678	23,456	34,567	56,789	67,890	78,901	89,012	12,345	45,678	23,456	34,567	56,789	67,890	78,901	89,012	12,345	45,678	23,456	34,567	56,789	67,890
67,890	78,901	89,012	12,345	45,678	23,456	34,567	56,789	67,890	78,901	89,012	12,345	45,678	23,456	34,567	56,789	67,890	78,901	89,012	12,345	45,678	23,456	34,567	56,789	67,890	78,901	89,012	12,345	45,678	23,456	34,567	56,789	67,890	78,901
78,901	89,012	12,345	45,678	23,456	34,567	56,789	67,890	78,901	89,012	12,345	45,678	23,456	34,567	56,789	67,890	78,901	89,012	12,345	45,678	23,456	34,567	56,789	67,890	78,901	89,012	12,345	45,678	23,456	34,567	56,789	67,890	78,901	89,012
89,012	12,345	45,678	23,456	34,567	56,789	67,890	78,901	89,012	12,345	45,678	23,456	34,567	56,789	67,890	78,901	89,012	12,345	45,678	23,456	34,567	56,789	67,890	78,901	89,012	12,345	45,678	23,456	34,567	56,789	67,890	78,901	89,012	12,345
12,345	45,678	23,456	34,567	56,789	67,890	78,901	89,012	12,345	45,678	23,456	34,567	56,789	67,890	78,901	89,012	12,345	45,678	23,456	34,567	56,789	67,890	78,901	89,012	12,345	45,678	23,456	34,567	56,789	67,890	78,901	89,012	12,345	45,678
TOTAL TARIFA BASE THR FLEX
HP-01
HP-02
HP-03
HP-04
HP-05
HP-06
HP-07
HP-08
HP-09
HP-10
HP-11
HP-12
HP-13
HP-14
HP-15
HP-16
HP-17
HP-18
HP-19
HP-20
HP-21
HP-22
HP-23
HP-24
HP-25
HP-26
FLEX 0%
Hasta el bloque de 50 kWh o 100 kWh fuera de horario de punta y horario de punta con 70% sobre precio de energía (BT*)	$/kWh
Ene	Feb	Mar	Abr	May	Jun	Jul	Ago	Sep	Oct	Nov	Dic	Ene	Feb	Mar	Abr	May	Jun	Jul	Ago	Sep	Oct	Nov	Dic	Ene	Feb	Mar	Abr	May	Jun	Jul	Ago	Sep	Oct
45,678	23,456	34,567	56,789	67,890	78,901	89,012	12,345	45,678	23,456	34,567	56,789	67,890	78,901	89,012	12,345	45,678	23,456	34,567	56,789	67,890	78,901	89,012	12,345	45,678	23,456	34,567	56,789	67,890	78,901	89,012	12,345	45,678	23,456
23,456	34,567	56,789	67,890	78,901	89,012	12,345	45,678	23,456	34,567	56,789	67,890	78,901	89,012	12,345	45,678	23,456	34,567	56,789	67,890	78,901	89,012	12,345	45,678	23,456	34,567	56,789	67,890	78,901	89,012	12,345	45,678	23,456	34,567
34,567	56,789	67,890	78,901	89,012	12,345	45,678	23,456	34,567	56,789	67,890	78,901	89,012	12,345	45,678	23,456	34,567	56,789	67,890	78,901	89,012	12,345	45,678	23,456	34,567	56,789	67,890	78,901	89,012	12,345	45,678	23,456	34,567	56,789
56,789	67,890	78,901	89,012	12,345	45,678	23,456	34,567	56,789	67,890	78,901	89,012	12,345	45,678	23,456	34,567	56,789	67,890	78,901	89,012	12,345	45,678	23,456	34,567	56,789	67,890	78,901	89,012	12,345	45,678	23,456	34,567	56,789	67,890
67,890	78,901	89,012	12,345	45,678	23,456	34,567	56,789	67,890	78,901	89,012	12,345	45,678	23,456	34,567	56,789	67,890	78,901	89,012	12,345	45,678	23,456	34,567	56,789	67,890	78,901	89,012	12,345	45,678	23,456	34,567	56,789	67,890	78,901
78,901	89,012	12,345	45,678	23,456	34,567	56,789	67,890	78,901	89,012	12,345	45,678	23,456	34,567	56,789	67,890	78,901	89,012	12,345	45,678	23,456	34,567	56,789	67,890	78,901	89,012	12,345	45,678	23,456	34,567	56,789	67,890	78,901	89,012
89,012	12,345	45,678	23,456	34,567	56,789	67,890	78,901	89,012	12,345	45,678	23,456	34,567	56,789	67,890	78,901	89,012	12,345	45,678	23,456	34,567	56,789	67,890	78,901	89,012	12,345	45,678	23,456	34,567	56,789	67,890	78,901	89,012	12,345
12,345	45,678	23,456	34,567	56,789	67,890	78,901	89,012	12,345	45,678	23,456	34,567	56,789	67,890	78,901	89,012	12,345	45,678	23,456	34,567	56,789	67,890	78,901	89,012	12,345	45,678	23,456	34,567	56,789	67,890	78,901	89,012	12,345	45,678
45,678	23,456	34,567	56,789	67,890	78,901	89,012	12,345	45,678	23,456	34,567	56,789	67,890	78,901	89,012	12,345	45,678	23,456	34,567	56,789	67,890	78,901	89,012	12,345	45,678	23,456	34,567	56,789	67,890	78,901	89,012	12,345	45,678	23,456
23,456	34,567	56,789	67,890	78,901	89,012	12,345	45,678	23,456	34,567	56,789	67,890	78,901	89,012	12,345	45,678	23,456	34,567	56,789	67,890	78,901	89,012	12,345	45,678	23,456	34,567	56,789	67,890	78,901	89,012	12,345	45,678	23,456	34,567
34,567	56,789	67,890	78,901	89,012	12,345	45,678	23,456	34,567	56,789	67,890	78,901	89,012	12,345	45,678	23,456	34,567	56,789	67,890	78,901	89,012	12,345	45,678	23,456	34,567	56,789	67,890	78,901	89,012	12,345	45,678	23,456	34,567	56,789
56,789	67,890	78,901	89,012	12,345	45,678	23,456	34,567	56,789	67,890	78,901	89,012	12,345	45,678	23,456	34,567	56,789	67,890	78,901	89,012	12,345	45,678	23,456	34,567	56,789	67,890	78,901	89,012	12,345	45,678	23,456	34,567	56,789	67,890
67,890	78,901	89,012	12,345	45,678	23,456	34,567	56,789	67,890	78,901	89,012	12,345	45,678	23,456	34,567	56,789	67,890	78,901	89,012	12,345	45,678	23,456	34,567	56,789	67,890	78,901	89,012	12,345	45,678	23,456	34,567	56,789	67,890	78,901
78,901	89,012	12,345	45,678	23,456	34,567	56,789	67,890	78,901	89,012	12,345	45,678	23,456	34,567	56,789	67,890	78,901	89,012	12,345	45,678	23,456	34,567	56,789	67,890	78,901	89,012	12,345	45,678	23,456	34,567	56,789	67,890	78,901	89,012
89,012	12,345	45,678	23,456	34,567	56,789	67,890	78,901	89,012	12,345	45,678	23,456	34,567	56,789	67,890	78,901	89,012	12,345	45,678	23,456	34,567	56,789	67,890	78,901	89,012	12,345	45,678	23,456	34,567	56,789	67,890	78,901	89,012	12,345
12,345	45,678	23,456	34,567	56,789	67,890	78,901	89,012	12,345	45,678	23,456	34,567	56,789	67,890	78,901	89,012	12,345	45,678	23,456	34,567	56,789	67,890	78,901	89,012	12,345	45,678	23,456	34,567	56,789	67,890	78,901	89,012	12,345	45,678
45,678	23,456	34,567	56,789	67,890	78,901	89,012	12,345	45,678	23,456	34,567	56,789	67,890	78,901	89,012	12,345	45,678	23,456	34,567	56,789	67,890	78,901	89,012	12,345	45,678	23,456	34,567	56,789	67,890	78,901	89,012	12,345	45,678	23,456
23,456	34,567	56,789	67,890	78,901	89,012	12,345	45,678	23,456	34,567	56,789	67,890	78,901	89,012	12,345	45,678	23,456	34,567	56,789	67,890	78,901	89,012	12,345	45,678	23,456	34,567	56,789	67,890	78,901	89,012	12,345	45,678	23,456	34,567
34,567	56,789	67,890	78,901	89,012	12,345	45,678	23,456	34,567	56,789	67,890	78,901	89,012	12,345	45,678	23,456	34,567	56,789	67,890	78,901	89,012	12,345	45,678	23,456	34,567	56,789	67,890	78,901	89,012	12,345	45,678	23,456	34,567	56,789
56,789	67,890	78,901	89,012	12,345	45,678	23,456	34,567	56,789	67,890	78,901	89,012	12,345	45,678	23,456	34,567	56,789	67,890	78,901	89,012	12,345	45,678	23,456	34,567	56,789	67,890	78,901	89,012	12,345	45,678	23,456	34,567	56,789	67,890
67,890	78,901	89,012	12,345	45,678	23,456	34,567	56,789	67,890	78,901	89,012	12,345	45,678	23,456	34,567	56,789	67,890	78,901	89,012	12,345	45,678	23,456	34,567	56,789	67,890	78,901	89,012	12,345	45,678	23,456	34,567	56,789	67,890	78,901
78,901	89,012	12,345	45,678	23,456	34,567	56,789	67,890	78,901	89,012	12,345	45,678	23,456	34,567	56,789	67,890	78,901	89,012	12,345	45,678	23,456	34,567	56,789	67,890	78,901	89,012	12,345	45,678	23,456	34,567	56,789	67,890	78,901	89,012
89,012	12,345	45,678	23,456	34,567	56,789	67,890	78,901	89,012	12,345	45,678	23,456	34,567	56,789	67,890	78,901	89,012	12,345	45,678	23,456	34,567	56,789	67,890	78,901	89,012	12,345	45,678	23,456	34,567	56,789	67,890	78,901	89,012	12,345
12,345	45,678	23,456	34,567	56,789	67,890	78,901	89,012	12,345	45,678	23,456	34,567	56,789	67,890	78,901	89,012	12,345	45,678	23,456	34,567	56,789	67,890	78,901	89,012	12,345	45,678	23,456	34,567	56,789	67,890	78,901	89,012	12,345	45,678
45,678	23,456	34,567	56,789	67,890	78,901	89,012	12,345	45,678	23,456	34,567	56,789	67,890	78,901	89,012	12,345	45,678	23,456	34,567	56,789	67,890	78,901	89,012	12,345	45,678	23,456	34,567	56,789	67,890	78,901	89,012	12,345	45,678	23,456
TOTAL TARIFA BASE THR FLEX
HP-01
HP-02
HP-03
HP-04
HP-05
HP-06
HP-07
HP-08
HP-09
HP-10
HP-11
HP-12
HP-13
HP-14
HP-15
HP-16
HP-17
HP-18
HP-19
HP-20
HP-21
HP-22
HP-23
HP-24
HP-25
HP-26
BASE100 0%
Hasta el bloque de 100 kWh o 200 kWh fuera de horario de punta con 100% sobre precio de energía (BT*)	$/kWh
Ene	Feb	Mar	Abr	May	Jun	Jul	Ago	Sep	Oct	Nov	Dic	Ene	Feb	Mar	Abr	May	Jun	Jul	Ago	Sep	Oct	Nov	Dic	Ene	Feb	Mar	Abr	May	Jun	Jul	Ago	Sep	Oct
23,456	34,567	56,789	67,890	78,901	89,012	12,345	45,678	23,456	34,567	56,789	67,890	78,901	89,012	12,345	45,678	23,456	34,567	56,789	67,890	78,901	89,012	12,345	45,678	23,456	34,567	56,789	67,890	78,901	89,012	12,345	45,678	23,456	34,567
34,567	56,789	67,890	78,901	89,012	12,345	45,678	23,456	34,567	56,789	67,890	78,901	89,012	12,345	45,678	23,456	34,567	56,789	67,890	78,901	89,012	12,345	45,678	23,456	34,567	56,789	67,890	78,901	89,012	12,345	45,678	23,456	34,567	56,789
56,789	67,890	78,901	89,012	12,345	45,678	23,456	34,567	56,789	67,890	78,901	89,012	12,345	45,678	23,456	34,567	56,789	67,890	78,901	89,012	12,345	45,678	23,456	34,567	56,789	67,890	78,901	89,012	12,345	45,678	23,456	34,567	56,789	67,890
67,890	78,901	89,012	12,345	45,678	23,456	34,567	56,789	67,890	78,901	89,012	12,345	45,678	23,456	34,567	56,789	67,890	78,901	89,012	12,345	45,678	23,456	34,567	56,789	67,890	78,901	89,012	12,345	45,678	23,456	34,567	56,789	67,890	78,901
78,901	89,012	12,345	45,678	23,456	34,567	56,789	67,890	78,901	89,012	12,345	45,678	23,456	34,567	56,789	67,890	78,901	89,012	12,345	45,678	23,456	34,567	56,789	67,890	78,901	89,012	12,345	45,678	23,456	34,567	56,789	67,890	78,901	89,012
89,012	12,345	45,678	23,456	34,567	56,789	67,890	78,901	89,012	12,345	45,678	23,456	34,567	56,789	67,890	78,901	89,012	12,345	45,678	23,456	34,567	56,789	67,890	78,901	89,012	12,345	45,678	23,456	34,567	56,789	67,890	78,901	89,012	12,345
12,345	45,678	23,456	34,567	56,789	67,890	78,901	89,012	12,345	45,678	23,456	34,567	56,789	67,890	78,901	89,012	12,345	45,678	23,456	34,567	56,789	67,890	78,901	89,012	12,345	45,678	23,456	34,567	56,789	67,890	78,901	89,012	12,345	45,678
45,678	23,456	34,567	56,789	67,890	78,901	89,012	12,345	45,678	23,456	34,567	56,789	67,890	78,901	89,012	12,345	45,678	23,456	34,567	56,789	67,890	78,901	89,012	12,345	45,678	23,456	34,567	56,789	67,890	78,901	89,012	12,345	45,678	23,456
23,456	34,567	56,789	67,890	78,901	89,012	12,345	45,678	23,456	34,567	56,789	67,890	78,901	89,012	12,345	45,678	23,456	34,567	56,789	67,890	78,901	89,012	12,345	45,678	23,456	34,567	56,789	67,890	78,901	89,012	12,345	45,678	23,456	34,567
34,567	56,789	67,890	78,901	89,012	12,345	45,678	23,456	34,567	56,789	67,890	78,901	89,012	12,345	45,678	23,456	34,567	56,789	67,890	78,901	89,012	12,345	45,678	23,456	34,567	56,789	67,890	78,901	89,012	12,345	45,678	23,456	34,567	56,789
56,789	67,890	78,901	89,012	12,345	45,678	23,456	34,567	56,789	67,890	78,901	89,012	12,345	45,678	23,456	34,567	56,789	67,890	78,901	89,012	12,345	45,678	23,456	34,567	56,789	67,890	78,901	89,012	12,345	45,678	23,456	34,567	56,789	67,890
67,890	78,901	89,012	12,345	45,678	23,456	34,567	56,789	67,890	78,901	89,012	12,345	45,678	23,456	34,567	56,789	67,890	78,901	89,012	12,345	45,678	23,456	34,567	56,789	67,890	78,901	89,012	12,345	45,678	23,456	34,567	56,789	67,890	78,901
78,901	89,012	12,345	45,678	23,456	34,567	56,789	67,890	78,901	89,012	12,345	45,678	23,456	34,567	56,789	67,890	78,901	89,012	12,345	45,678	23,456	34,567	56,789	67,890	78,901	89,012	12,345	45,678	23,456	34,567	56,789	67,890	78,901	89,012
89,012	12,345	45,678	23,456	34,567	56,789	67,890	78,901	89,012	12,345	45,678	23,456	34,567	56,789	67,890	78,901	89,012	12,345	45,678	23,456	34,567	56,789	67,890	78,901	89,012	12,345	45,678	23,456	34,567	56,789	67,890	78,901	89,012	12,345
12,345	45,678	23,456	34,567	56,789	67,890	78,901	89,012	12,345	45,678	23,456	34,567	56,789	67,890	78,901	89,012	12,345	45,678	23,456	34,567	56,789	67,890	78,901	89,012	12,345	45,678	23,456	34,567	56,789	67,890	78,901	89,012	12,345	45,678
45,678	23,456	34,567	56,789	67,890	78,901	89,012	12,345	45,678	23,456	34,567	56,789	67,890	78,901	89,012	12,345	45,678	23,456	34,567	56,789	67,890	78,901	89,012	12,345	45,678	23,456	34,567	56,789	67,890	78,901	89,012	12,345	45,678	23,456
23,456	34,567	56,789	67,890	78,901	89,012	12,345	45,678	23,456	34,567	56,789	67,890	78,901	89,012	12,345	45,678	23,456	34,567	56,789	67,890	78,901	89,012	12,345	45,678	23,456	34,567	56,789	67,890	78,901	89,012	12,345	45,678	23,456	34,567
34,567	56,789	67,890	78,901	89,012	12,345	45,678	23,456	34,567	56,789	67,890	78,901	89,012	12,345	45,678	23,456	34,567	56,789	67,890	78,901	89,012	12,345	45,678	23,456	34,567	56,789	67,890	78,901	89,012	12,345	45,678	23,456	34,567	56,789
56,789	67,890	78,901	89,012	12,345	45,678	23,456	34,567	56,789	67,890	78,901	89,012	12,345	45,678	23,456	34,567	56,789	67,890	78,901	89,012	12,345	45,678	23,456	34,567	56,789	67,890	78,901	89,012	12,345	45,678	23,456	34,567	56,789	67,890
67,890	78,901	89,012	12,345	45,678	23,456	34,567	56,789	67,890	78,901	89,012	12,345	45,678	23,456	34,567	56,789	67,890	78,901	89,012	12,345	45,678	23,456	34,567	56,789	67,890	78,901	89,012	12,345	45,678	23,456	34,567	56,789	67,890	78,901
78,901	89,012	12,345	45,678	23,456	34,567	56,789	67,890	78,901	89,012	12,345	45,678	23,456	34,567	56,789	67,890	78,901	89,012	12,345	45,678	23,456	34,567	56,789	67,890	78,901	89,012	12,345	45,678	23,456	34,567	56,789	67,890	78,901	89,012
89,012	12,345	45,678	23,456	34,567	56,789	67,890	78,901	89,012	12,345	45,678	23,456	34,567	56,789	67,890	78,901	89,012	12,345	45,678	23,456	34,567	56,789	67,890	78,901	89,012	12,345	45,678	23,456	34,567	56,789	67,890	78,901	89,012	12,345
12,345	45,678	23,456	34,567	56,789	67,890	78,901	89,012	12,345	45,678	23,456	34,567	56,789	67,890	78,901	89,012	12,345	45,678	23,456	34,567	56,789	67,890	78,901	89,012	12,345	45,678	23,456	34,567	56,789	67,890	78,901	89,012	12,345	45,678
45,678	23,456	34,567	56,789	67,890	78,901	89,012	12,345	45,678	23,456	34,567	56,789	67,890	78,901	89,012	12,345	45,678	23,456	34,567	56,789	67,890	78,901	89,012	12,345	45,678	23,456	34,567	56,789	67,890	78,901	89,012	12,345	45,678	23,456
23,456	34,567	56,789	67,890	78,901	89,012	12,345	45,678	23,456	34,567	56,789	67,890	78,901	89,012	12,345	45,678	23,456	34,567	56,789	67,890	78,901	89,012	12,345	45,678	23,456	34,567	56,789	67,890	78,901	89,012	12,345	45,678	23,456	34,567
(*) Tarifa aplicable sólo para los clientes que se acojan al régimen de tarifa flexible de acuerdo a la reglamentación vigente.
Tarifas con cargos diferenciados por horario.
BT: Tarifas con medición de energía y potencia en baja tensión.
AT: Tarifas con medición de energía y potencia en alta tensión.
MT: Tarifas con medición de energía en media tensión.
Valores aplicables a partir de la publicación de la presente tarifa.
(1) Consumos facturados en el periodo de punta.
(2) Consumos facturados en el periodo fuera de punta.
(3) Consumos facturados en horario nocturno.
(4) Consumos facturados en horario diurno.
(5) Valores en pesos chilenos sin IVA.
